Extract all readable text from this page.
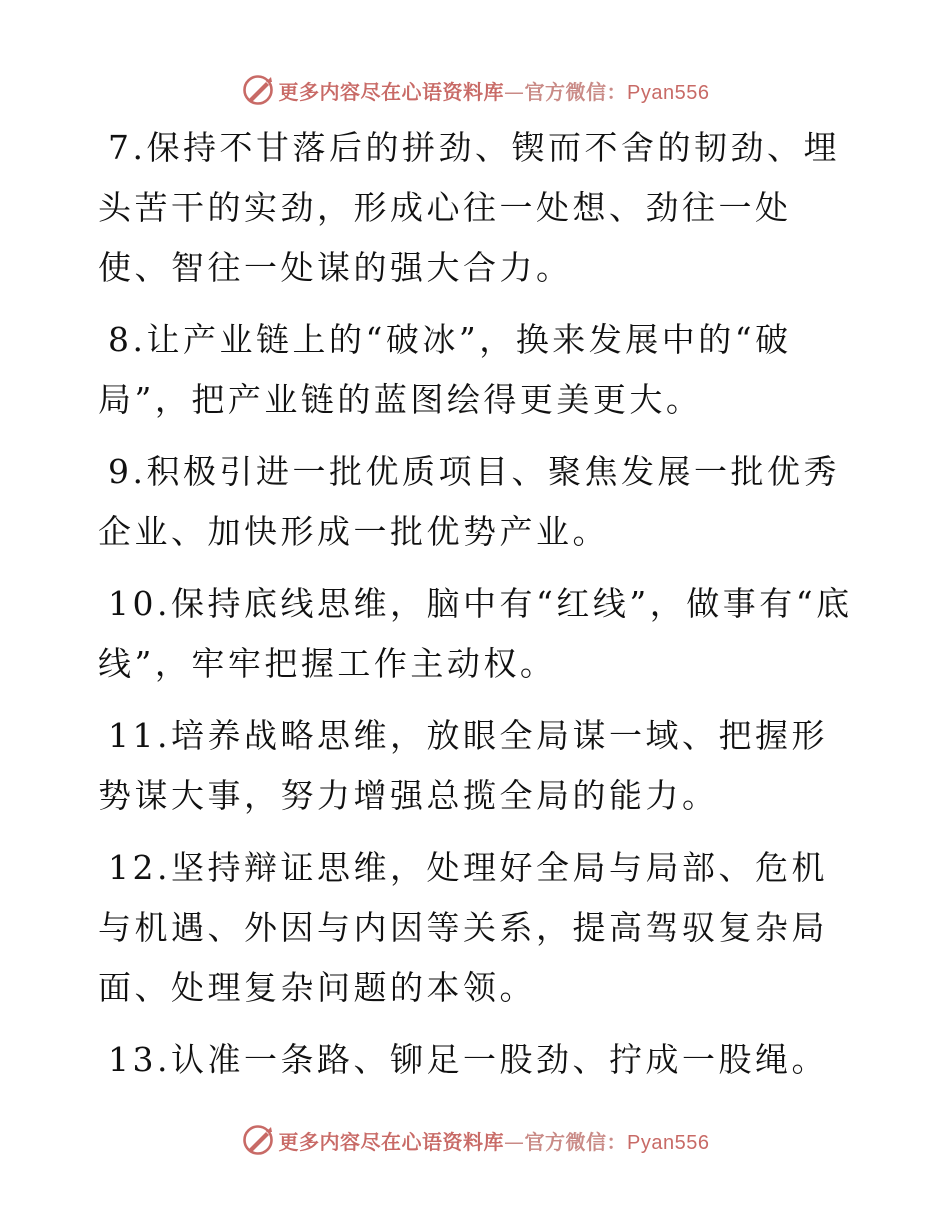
更多内容尽在心语资料库—官方微信：Pyan556

7.保持不甘落后的拼劲、锲而不舍的韧劲、埋头苦干的实劲，形成心往一处想、劲往一处使、智往一处谋的强大合力。

8.让产业链上的“破冰”，换来发展中的“破局”，把产业链的蓝图绘得更美更大。

9.积极引进一批优质项目、聚焦发展一批优秀企业、加快形成一批优势产业。

10.保持底线思维，脑中有“红线”，做事有“底线”，牢牢把握工作主动权。

11.培养战略思维，放眼全局谋一域、把握形势谋大事，努力增强总揽全局的能力。

12.坚持辩证思维，处理好全局与局部、危机与机遇、外因与内因等关系，提高驾驭复杂局面、处理复杂问题的本领。

13.认准一条路、铆足一股劲、拧成一股绳。

更多内容尽在心语资料库—官方微信：Pyan556
